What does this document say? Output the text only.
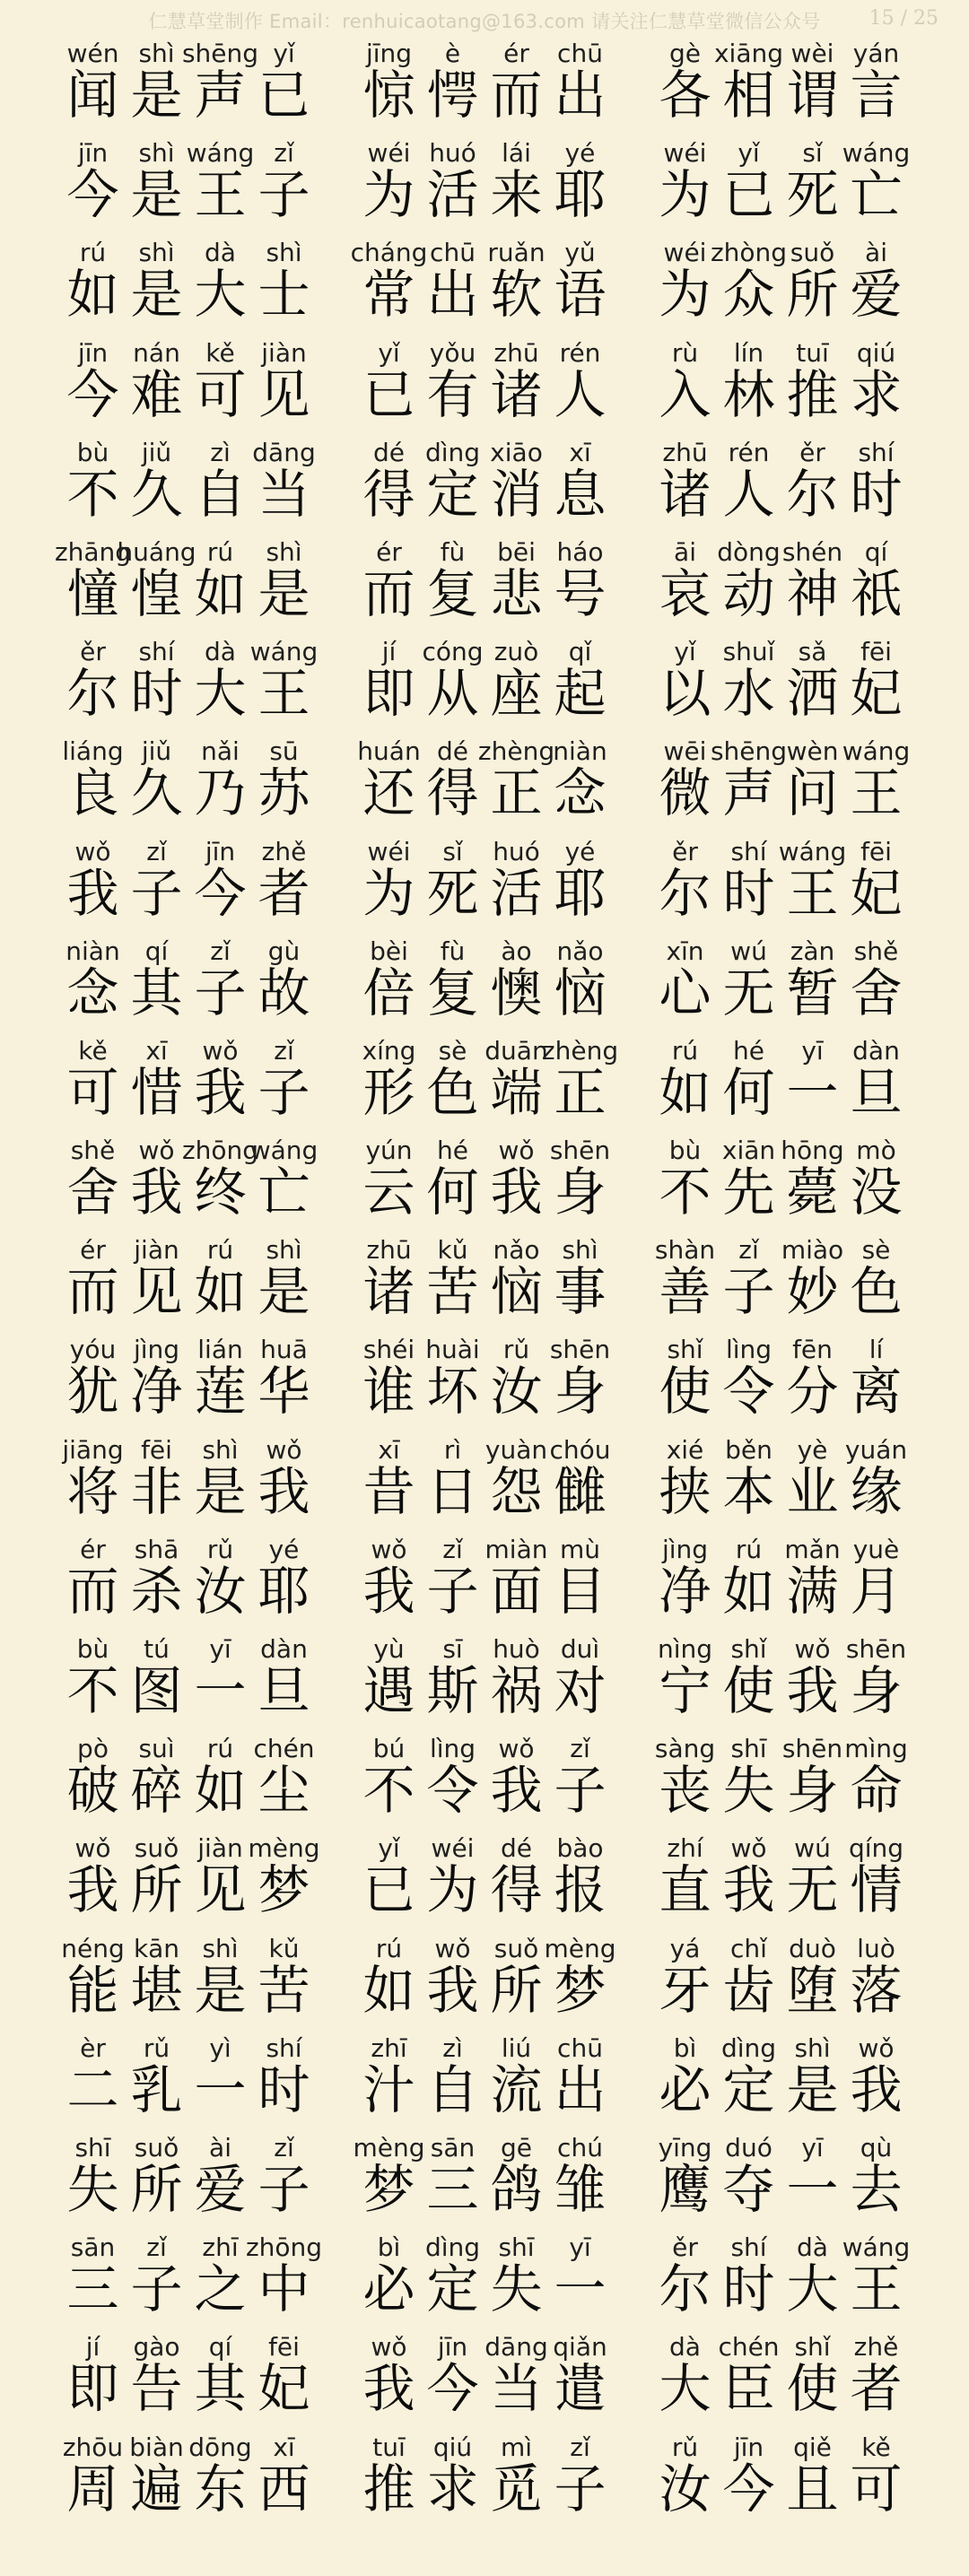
仁慧草堂制作 Email：renhuicaotang@163.com 请关注仁慧草堂微信公众号	15 / 25
wén
闻
shì
是
shēng
声
yǐ
已
jīng
惊
è
愕
ér
而
chū
出
gè
各
xiāng
相
wèi
谓
yán
言
jīn
今
shì
是
wáng
王
zǐ
子
wéi
为
huó
活
lái
来
yé
耶
wéi
为
yǐ
已
sǐ
死
wáng
亡
rú
如
shì
是
dà
大
shì
士
cháng
常
chū
出
ruǎn
软
yǔ
语
wéi
为
zhòng
众
suǒ
所
ài
爱
jīn
今
nán
难
kě
可
jiàn
见
yǐ
已
yǒu
有
zhū
诸
rén
人
rù
入
lín
林
tuī
推
qiú
求
bù
不
jiǔ
久
zì
自
dāng
当
dé
得
dìng
定
xiāo
消
xī
息
zhū
诸
rén
人
ěr
尔
shí
时
zhāng
憧
huáng
惶
rú
如
shì
是
ér
而
fù
复
bēi
悲
háo
号
āi
哀
dòng
动
shén
神
qí
祇
ěr
尔
shí
时
dà
大
wáng
王
jí
即
cóng
从
zuò
座
qǐ
起
yǐ
以
shuǐ
水
sǎ
洒
fēi
妃
liáng
良
jiǔ
久
nǎi
乃
sū
苏
huán
还
dé
得
zhèng
正
niàn
念
wēi
微
shēng
声
wèn
问
wáng
王
wǒ
我
zǐ
子
jīn
今
zhě
者
wéi
为
sǐ
死
huó
活
yé
耶
ěr
尔
shí
时
wáng
王
fēi
妃
niàn
念
qí
其
zǐ
子
gù
故
bèi
倍
fù
复
ào
懊
nǎo
恼
xīn
心
wú
无
zàn
暂
shě
舍
kě
可
xī
惜
wǒ
我
zǐ
子
xíng
形
sè
色
duān
端
zhèng
正
rú
如
hé
何
yī
一
dàn
旦
shě
舍
wǒ
我
zhōng
终
wáng
亡
yún
云
hé
何
wǒ
我
shēn
身
bù
不
xiān
先
hōng
薨
mò
没
ér
而
jiàn
见
rú
如
shì
是
zhū
诸
kǔ
苦
nǎo
恼
shì
事
shàn
善
zǐ
子
miào
妙
sè
色
yóu
犹
jìng
净
lián
莲
huā
华
shéi
谁
huài
坏
rǔ
汝
shēn
身
shǐ
使
lìng
令
fēn
分
lí
离
jiāng
将
fēi
非
shì
是
wǒ
我
xī
昔
rì
日
yuàn
怨
chóu
雠
xié
挟
běn
本
yè
业
yuán
缘
ér
而
shā
杀
rǔ
汝
yé
耶
wǒ
我
zǐ
子
miàn
面
mù
目
jìng
净
rú
如
mǎn
满
yuè
月
bù
不
tú
图
yī
一
dàn
旦
yù
遇
sī
斯
huò
祸
duì
对
nìng
宁
shǐ
使
wǒ
我
shēn
身
pò
破
suì
碎
rú
如
chén
尘
bú
不
lìng
令
wǒ
我
zǐ
子
sàng
丧
shī
失
shēn
身
mìng
命
wǒ
我
suǒ
所
jiàn
见
mèng
梦
yǐ
已
wéi
为
dé
得
bào
报
zhí
直
wǒ
我
wú
无
qíng
情
néng
能
kān
堪
shì
是
kǔ
苦
rú
如
wǒ
我
suǒ
所
mèng
梦
yá
牙
chǐ
齿
duò
堕
luò
落
èr
二
rǔ
乳
yì
一
shí
时
zhī
汁
zì
自
liú
流
chū
出
bì
必
dìng
定
shì
是
wǒ
我
shī
失
suǒ
所
ài
爱
zǐ
子
mèng
梦
sān
三
gē
鸽
chú
雏
yīng
鹰
duó
夺
yī
一
qù
去
sān
三
zǐ
子
zhī
之
zhōng
中
bì
必
dìng
定
shī
失
yī
一
ěr
尔
shí
时
dà
大
wáng
王
jí
即
gào
告
qí
其
fēi
妃
wǒ
我
jīn
今
dāng
当
qiǎn
遣
dà
大
chén
臣
shǐ
使
zhě
者
zhōu
周
biàn
遍
dōng
东
xī
西
tuī
推
qiú
求
mì
觅
zǐ
子
rǔ
汝
jīn
今
qiě
且
kě
可
